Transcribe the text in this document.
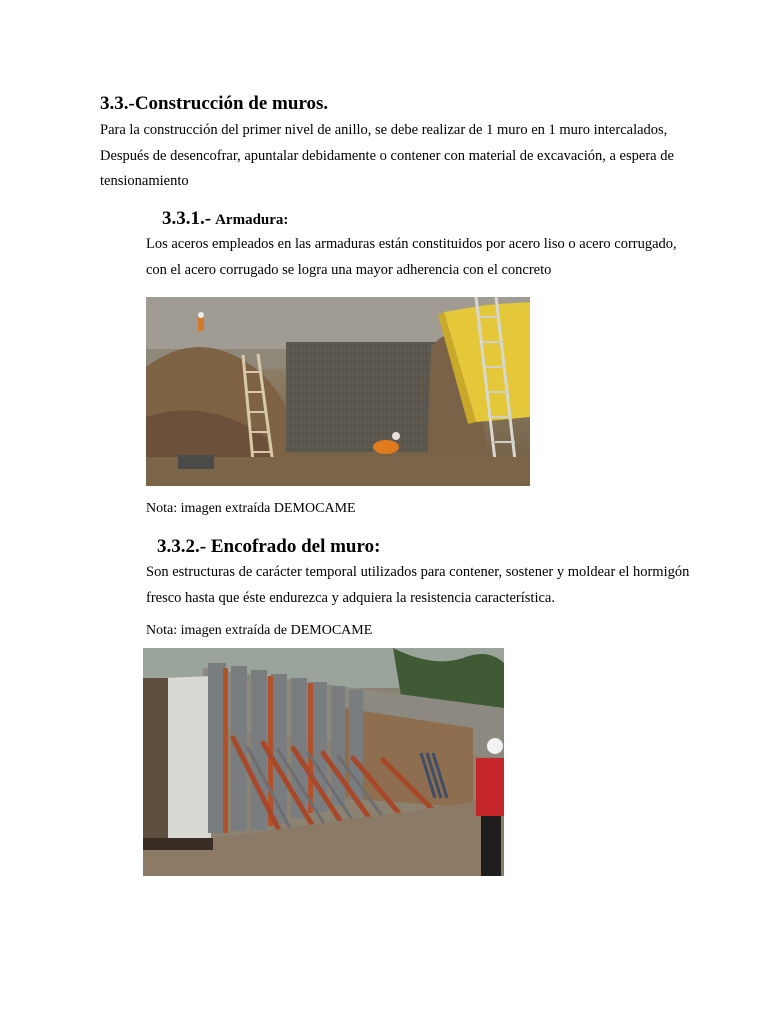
3.3.-Construcción de muros.
Para la construcción del primer nivel de anillo, se debe realizar de 1 muro en 1 muro intercalados,
Después de desencofrar, apuntalar debidamente o contener con material de excavación, a espera de
tensionamiento
3.3.1.- Armadura:
Los aceros empleados en las armaduras están constituidos por acero liso o acero corrugado,
con el acero corrugado se logra una mayor adherencia con el concreto
Nota: imagen extraída DEMOCAME
3.3.2.- Encofrado del muro:
Son estructuras de carácter temporal utilizados para contener, sostener y moldear el hormigón
fresco hasta que éste endurezca y adquiera la resistencia característica.
Nota: imagen extraída de DEMOCAME
